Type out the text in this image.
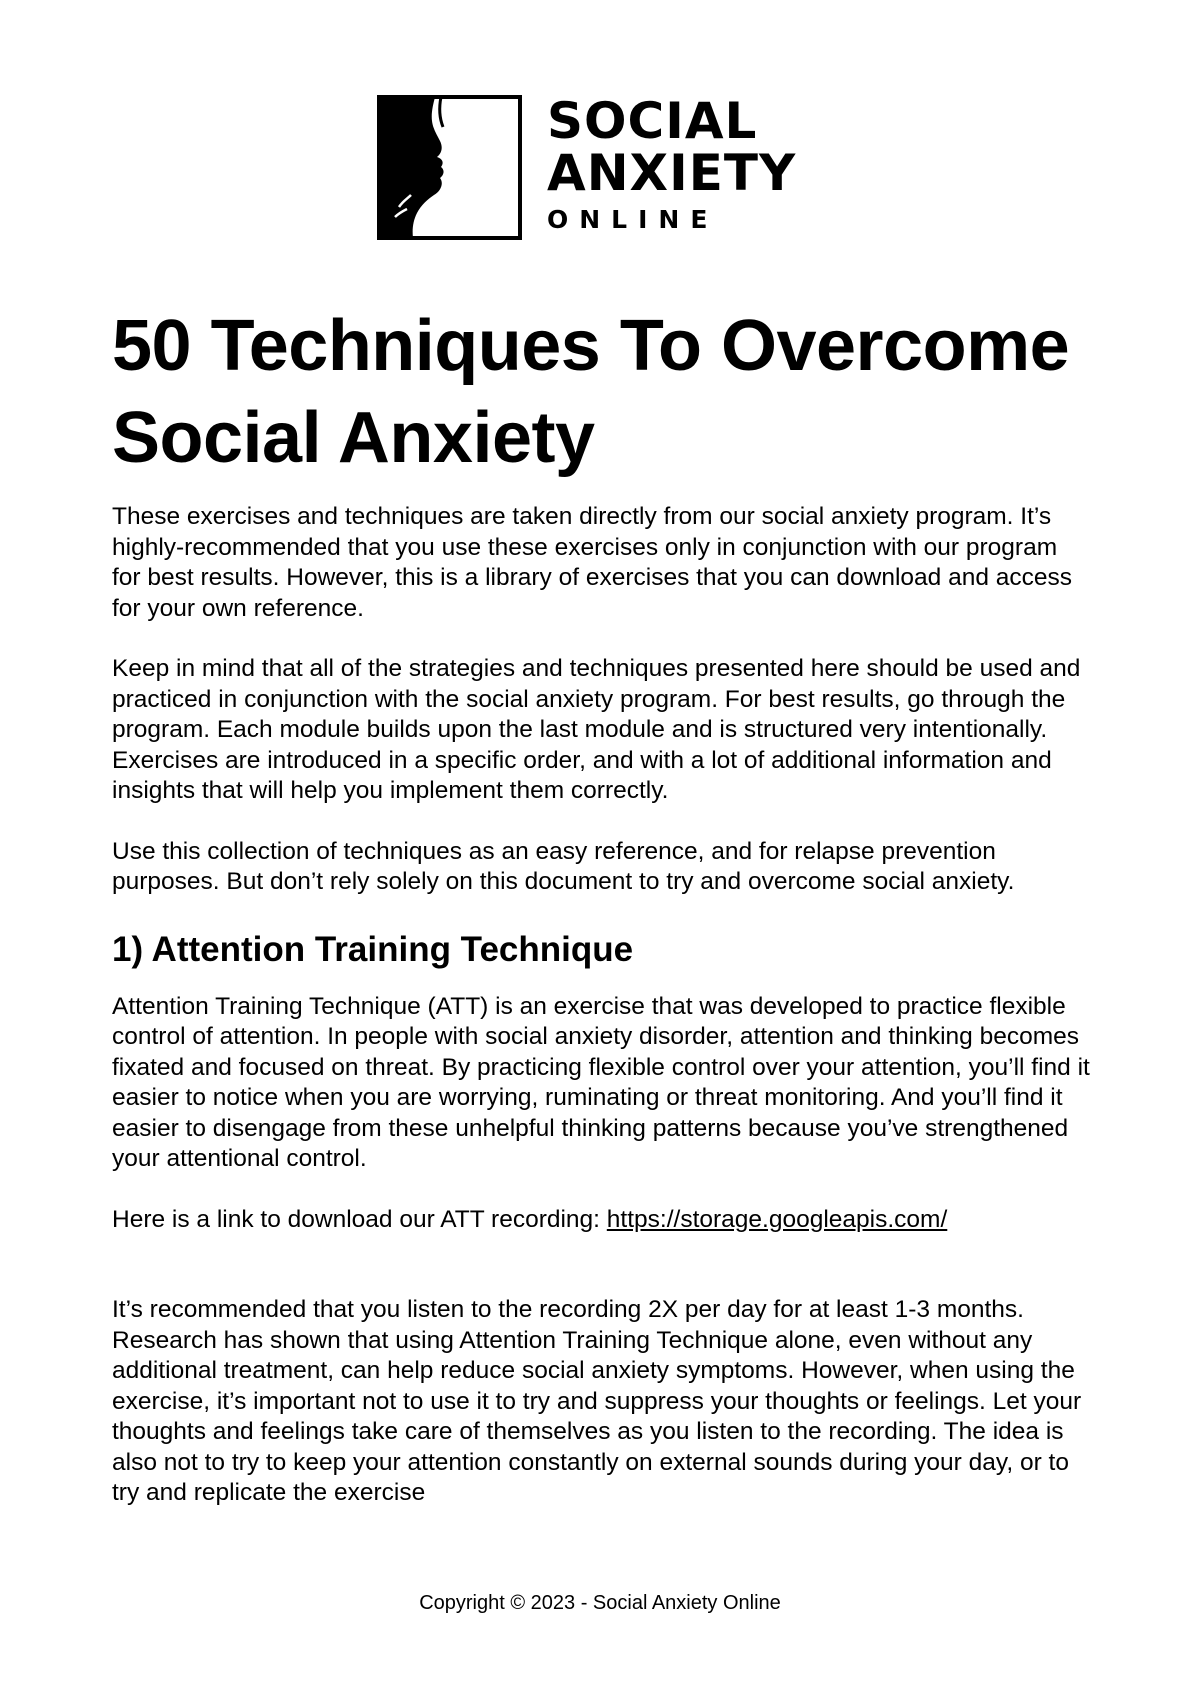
SOCIAL
ANXIETY
ONLINE
50 Techniques To Overcome Social Anxiety

These exercises and techniques are taken directly from our social anxiety program. It’s highly-recommended that you use these exercises only in conjunction with our program for best results. However, this is a library of exercises that you can download and access for your own reference.

Keep in mind that all of the strategies and techniques presented here should be used and practiced in conjunction with the social anxiety program. For best results, go through the program. Each module builds upon the last module and is structured very intentionally. Exercises are introduced in a specific order, and with a lot of additional information and insights that will help you implement them correctly.

Use this collection of techniques as an easy reference, and for relapse prevention purposes. But don’t rely solely on this document to try and overcome social anxiety.

1) Attention Training Technique

Attention Training Technique (ATT) is an exercise that was developed to practice flexible control of attention. In people with social anxiety disorder, attention and thinking becomes fixated and focused on threat. By practicing flexible control over your attention, you’ll find it easier to notice when you are worrying, ruminating or threat monitoring. And you’ll find it easier to disengage from these unhelpful thinking patterns because you’ve strengthened your attentional control.

Here is a link to download our ATT recording: https://storage.googleapis.com/

It’s recommended that you listen to the recording 2X per day for at least 1-3 months. Research has shown that using Attention Training Technique alone, even without any additional treatment, can help reduce social anxiety symptoms. However, when using the exercise, it’s important not to use it to try and suppress your thoughts or feelings. Let your thoughts and feelings take care of themselves as you listen to the recording. The idea is also not to try to keep your attention constantly on external sounds during your day, or to try and replicate the exercise

Copyright © 2023 - Social Anxiety Online
